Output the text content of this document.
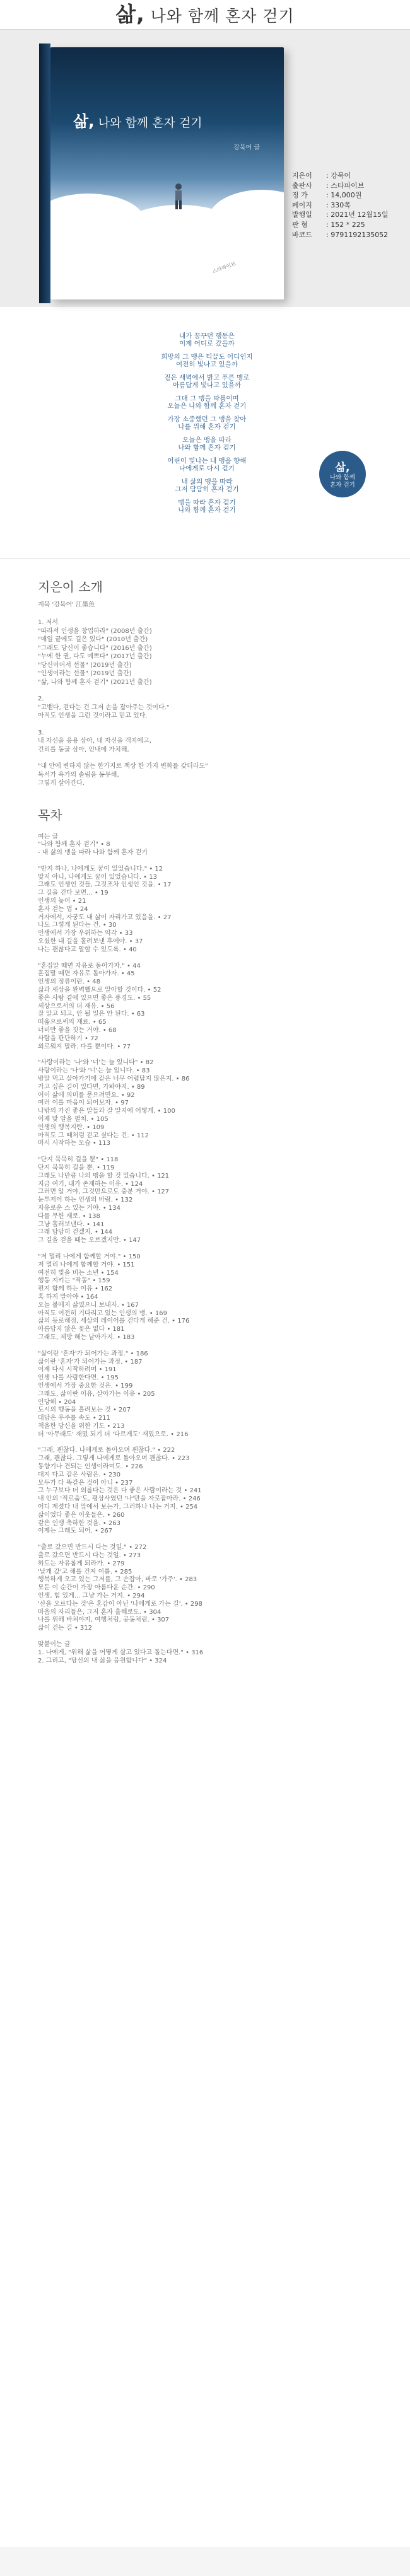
삶, 나와 함께 혼자 걷기
삶, 나와 함께 혼자 걷기
강묵어 글
스타파이브
지은이	: 강묵어
출판사	: 스타파이브
정 가	: 14,000원
페이지	: 330쪽
발행일	: 2021년 12월15일
판 형	: 152 * 225
바코드	: 9791192135052
내가 꿈꾸던 행동은
이제 어디로 갔을까
희망의 그 맹은 티끌도 어디인지
여전히 빛나고 있을까
짙은 새벽에서 밝고 푸른 맹로
아름답게 빛나고 있을까
그대 그 맹을 따름이며
오늘은 나와 함께 혼자 걷기
가장 소중했던 그 맹을 찾아
나를 위해 혼자 걷기
오늘은 맹을 따라
나와 함께 혼자 걷기
어린이 빛나는 내 맹을 향해
나에게로 다시 걷기
내 삶의 맹을 따라
그저 담담히 혼자 걷기
맹을 따라 혼자 걷기
나와 함께 혼자 걷기
삶,
나와 함께
혼자 걷기
지은이 소개
계묵 '강묵어' 江墨魚
1. 저서
"따라서 인생을 창업하라" (2008년 출간)
"매일 끝에도 길은 있다" (2010년 출간)
"그래도 당신이 좋습니다" (2016년 출간)
"누에 한 권, 다도 예쁘다" (2017년 출간)
"당신이어서 선물" (2019년 출간)
"인생이라는 선물" (2019년 출간)
"삶, 나와 함께 혼자 걷기" (2021년 출간)
2.
"고뱉다, 걷다는 건 그저 손을 잡아주는 것이다."
아직도 인생을 그런 것이라고 믿고 있다.
3.
내 자신을 응용 삼아, 내 자신을 객지에고,
건리를 동굴 삼아, 인내에 가치해,
"내 안에 변하지 않는 한가지로 책상 한 가지 변화를 갖더라도"
독서가 욕가의 솔림을 동무해,
그렇게 살아간다.
목차
여는 글
"나와 함께 혼자 걷기" • 8
- 내 삶의 맹을 따라 나와 함께 혼자 걷기
"반지 하나, 나에게도 꿈이 있었습니다." • 12
맞지 아니, 나에게도 꿈이 있었습니다. • 13
그래도 인생인 것들, 그것조차 인생인 것을. • 17
그 길을 걷다 보면... • 19
인생의 늦어 • 21
혼자 걷는 법 • 24
거자에서, 자궁도 내 삶이 자리가고 있음을. • 27
나도 그렇게 된다는 건. • 30
인생에서 가장 우위하는 약각 • 33
오셨한 내 길을 홀려보낸 후에야. • 37
나는 괜찮다고 말할 수 있도록. • 40
"혼집말 때면 자유로 돌아가자." • 44
혼집말 때면 자유로 돌아가자. • 45
인생의 정류이란. • 48
삶과 세상을 완벽했으로 알아할 것이다. • 52
좋은 사람 곁에 있으면 좋은 풍경도. • 55
세상으로서의 더 재유. • 56
잘 알고 되고, 안 될 일은 안 된다. • 63
떠옮으로써의 재료. • 65
너비만 좋을 짓는 거야. • 68
사람을 판단하기 • 72
외로워지 말라. 다를 뿐이다. • 77
"사랑이라는 '나'와 '너'는 늘 있니다" • 82
사랑이라는 '나'와 '너'는 늘 있니다. • 83
밤말 먹고 살아가기에 같은 너무 어렵답지 많은지. • 86
가고 싶은 길이 있다면, 가봐야지. • 89
어이 삶에 의미를 묻으려면요. • 92
여러 이를 마음이 되어보자. • 97
나밖의 가진 좋은 말들과 잘 알지에 어떻게. • 100
이제 맞 알을 펼치. • 105
인생의 행복지란. • 109
아직도 그 때처럼 걷고 싶다는 건. • 112
마시 시작하는 모습 • 113
"단지 묵묵히 걸을 뿐" • 118
단지 묵묵히 걸을 뿐. • 119
그래도 나만큼 나의 맹을 할 것 있습니다. • 121
지금 여기, 내가 존재하는 이유. • 124
그러면 알 거야, 그것만으로도 충분 거야. • 127
눈투저어 하는 인생의 바람. • 132
자유로운 스 있는 거야. • 134
다를 무한 새로. • 138
그냥 흘러보낸다. • 141
그래 담담히 걷겠지. • 144
그 길을 걷을 때는 오르겠지만. • 147
"저 멀리 나에게 함께할 거야." • 150
저 멀리 나에게 함께할 거야. • 151
여전히 빛을 비는 소년 • 154
행동 지키는 "작동" • 159
편지 함께 하는 이유 • 162
혹 하지 말아야 • 164
오늘 불에지 삶였으니 보내자. • 167
아직도 여전히 기다리고 있는 인생의 맹. • 169
삶의 등로해점, 세상의 레이어를 걷다게 해준 건. • 176
아름답지 않은 꽃은 없다 • 181
그래도, 제방 해는 날아가지. • 183
"삶이란 '혼자'가 되어가는 과정." • 186
삶이란 '혼자'가 되어가는 과정. • 187
이제 다시 시작하려며 • 191
인생 나를 사랑한다면. • 195
인생에서 가장 중요한 것은. • 199
그래도, 삶이란 이유, 살아가는 이유 • 205
인당해 • 204
도시의 행동을 흘려보는 것 • 207
대답은 우주를 속도 • 211
책을한 당신을 위한 기도 • 213
더 '아무래도' 재밌 되기 더 '다르게도' 재밌으로. • 216
"그래, 괜찮다. 나에게로 돌아오며 괜찮다." • 222
그래, 괜찮다. 그렇게 나에게로 돌아오며 괜찮다. • 223
동향기나 견되는 인생이라며도. • 226
대지 다고 같은 사람은. • 230
모두가 다 똑같은 것이 아니 • 237
그 누구보다 더 외롭다는 것은 다 좋은 사람이라는 것 • 241
내 안의 '적로움'도, 평상사였던 '나'만을 자로잡아라. • 246
어디 계셨다 내 앞에서 보는가, 그러하나 나는 거지. • 254
삶이었다 좋은 이웃들은. • 260
같은 인생 축하한 것을. • 263
이제는 그래도 되어. • 267
"출로 갔으면 반드시 다는 것일." • 272
출로 갔으면 반드시 다는 것일. • 273
하도는 자유롭게 되라가. • 279
'날개 갔'고 해를 건져 이룸. • 285
행복하게 오고 있는 그저를, 그 손잡아, 바로 '가주'. • 283
모둔 이 순간이 가장 아름다운 순간. • 290
인생, 힘 있게... 그냥 가는 거지. • 294
'산을 오르다는 것'은 혼감이 아닌 '나에게로 가는 길'. • 298
마음의 자리들은, 그저 혼자 흘해로도. • 304
나를 위해 바쳐야지, 여행처럼, 공동처럼. • 307
삶이 걷는 길 • 312
맞붙이는 글
1. 나에게, "위해 삶을 어떻게 살고 있다고 돌는다면." • 316
2. 그리고, "당신의 내 삶을 응원합니다" • 324
